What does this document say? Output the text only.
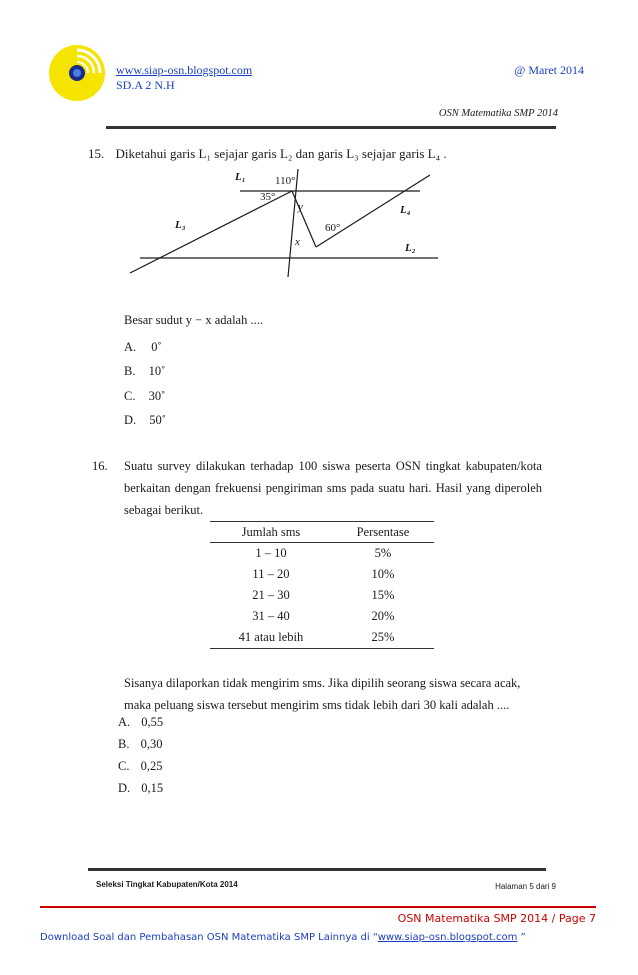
www.siap-osn.blogspot.com
SD.A 2 N.H
@ Maret 2014
OSN Matematika SMP 2014
15. Diketahui garis L₁ sejajar garis L₂ dan garis L₃ sejajar garis L₄ .
L₁
L₃
L₄
L₂
110°
35°
60°
y
x
Besar sudut y − x adalah ....
A. 0˚
B. 10˚
C. 30˚
D. 50˚
16. Suatu survey dilakukan terhadap 100 siswa peserta OSN tingkat kabupaten/kota berkaitan dengan frekuensi pengiriman sms pada suatu hari. Hasil yang diperoleh sebagai berikut.
Jumlah sms	Persentase
1 – 10	5%
11 – 20	10%
21 – 30	15%
31 – 40	20%
41 atau lebih	25%
Sisanya dilaporkan tidak mengirim sms. Jika dipilih seorang siswa secara acak, maka peluang siswa tersebut mengirim sms tidak lebih dari 30 kali adalah ....
A. 0,55
B. 0,30
C. 0,25
D. 0,15
Seleksi Tingkat Kabupaten/Kota 2014	Halaman 5 dari 9
OSN Matematika SMP 2014 / Page 7
Download Soal dan Pembahasan OSN Matematika SMP Lainnya di “www.siap-osn.blogspot.com ”
